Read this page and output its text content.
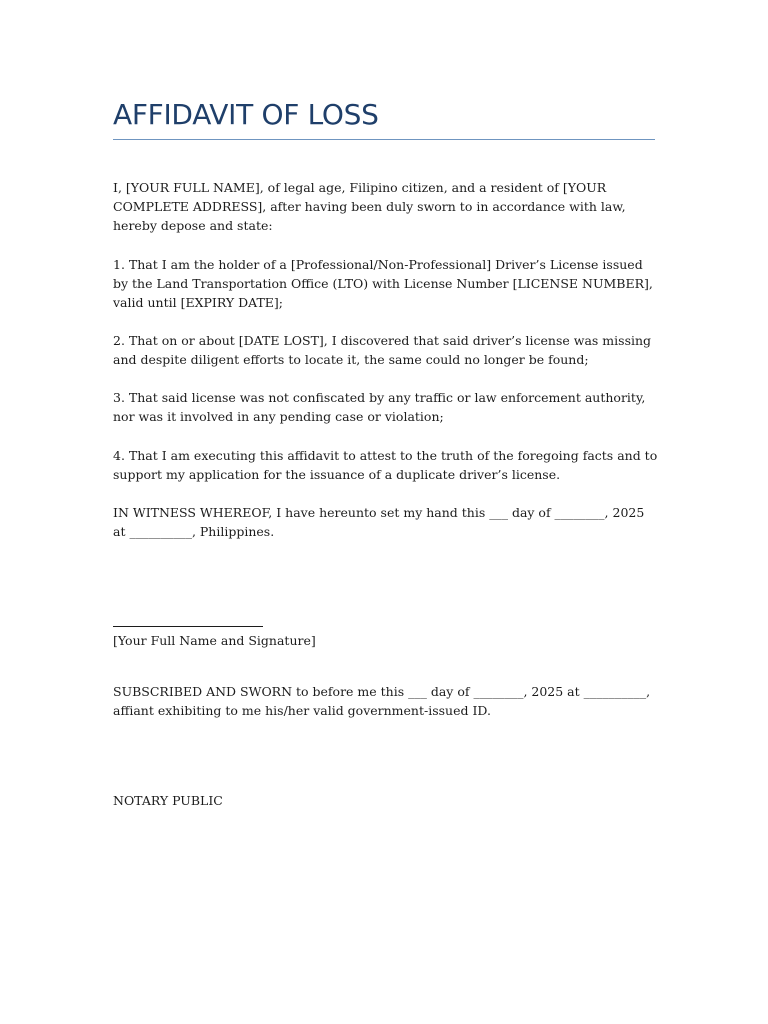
AFFIDAVIT OF LOSS

I, [YOUR FULL NAME], of legal age, Filipino citizen, and a resident of [YOUR COMPLETE ADDRESS], after having been duly sworn to in accordance with law, hereby depose and state:

1. That I am the holder of a [Professional/Non-Professional] Driver’s License issued by the Land Transportation Office (LTO) with License Number [LICENSE NUMBER], valid until [EXPIRY DATE];

2. That on or about [DATE LOST], I discovered that said driver’s license was missing and despite diligent efforts to locate it, the same could no longer be found;

3. That said license was not confiscated by any traffic or law enforcement authority, nor was it involved in any pending case or violation;

4. That I am executing this affidavit to attest to the truth of the foregoing facts and to support my application for the issuance of a duplicate driver’s license.

IN WITNESS WHEREOF, I have hereunto set my hand this ___ day of ________, 2025 at __________, Philippines.

[Your Full Name and Signature]

SUBSCRIBED AND SWORN to before me this ___ day of ________, 2025 at __________, affiant exhibiting to me his/her valid government-issued ID.

NOTARY PUBLIC
